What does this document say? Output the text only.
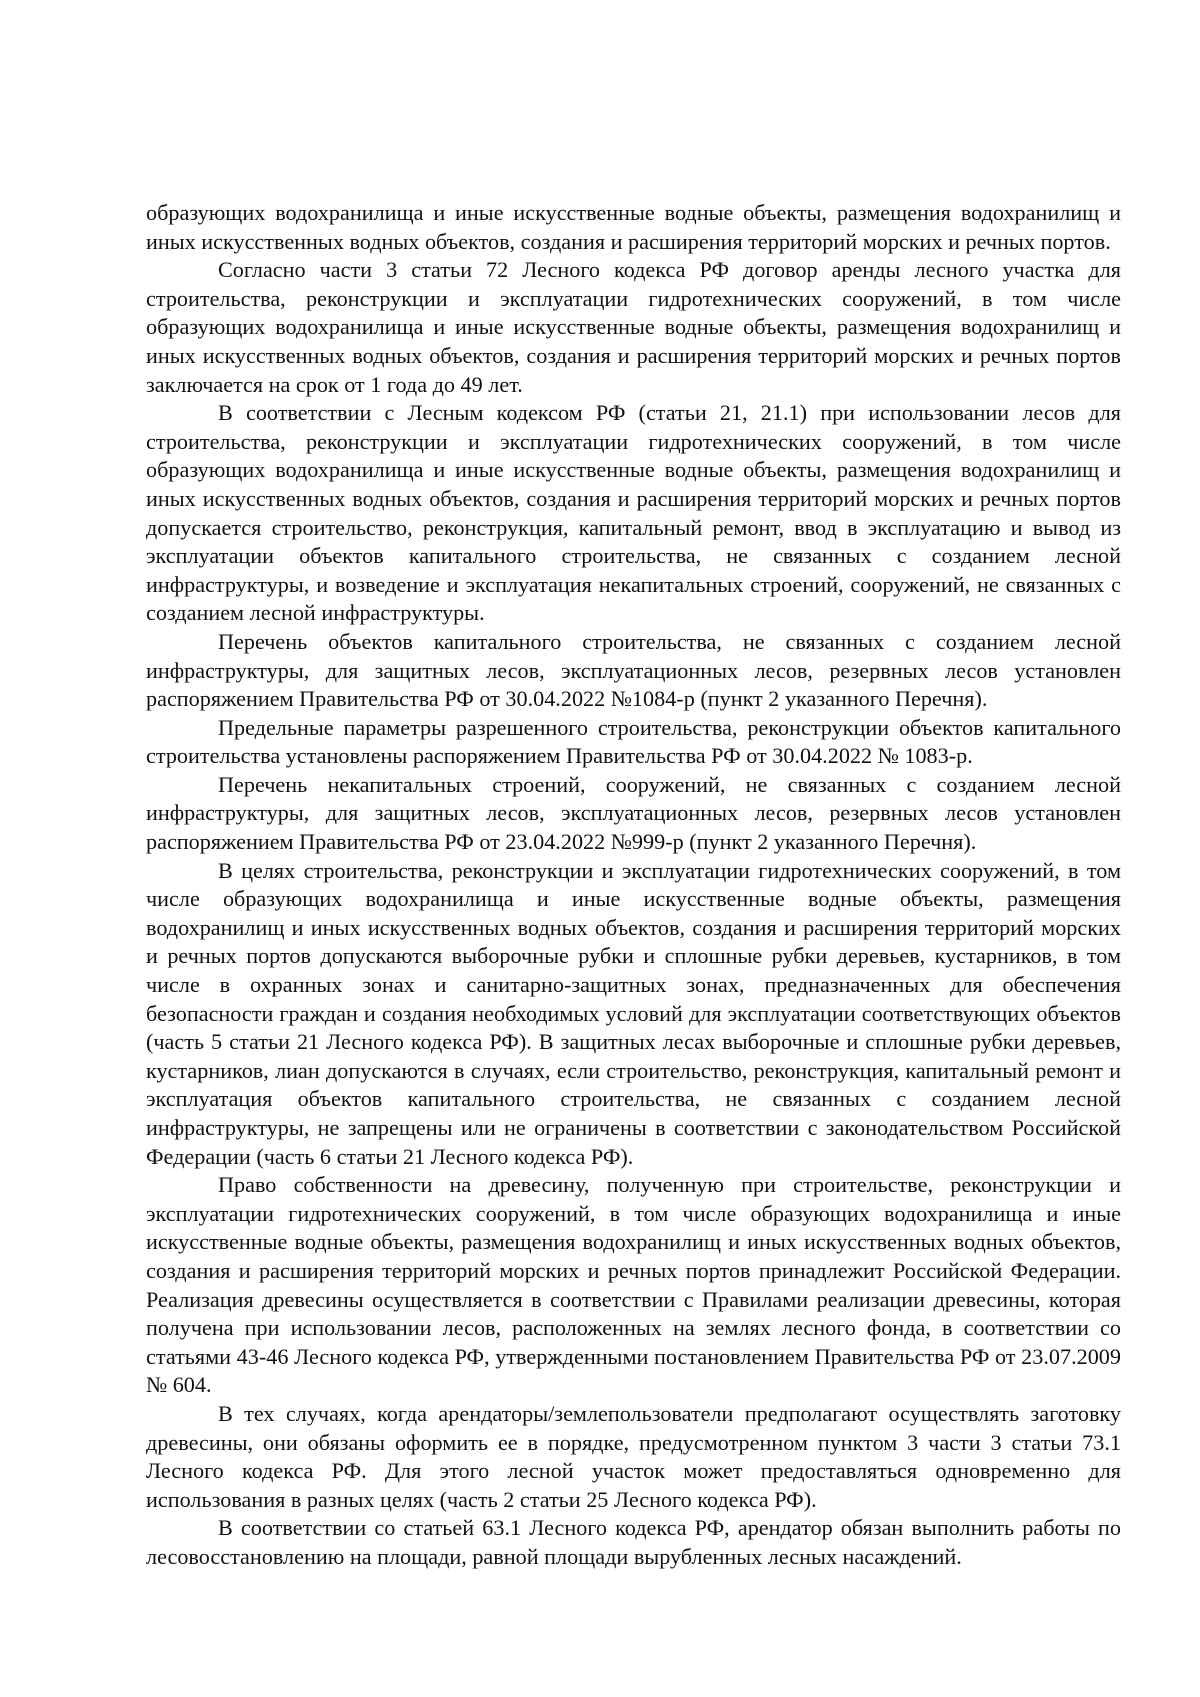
образующих водохранилища и иные искусственные водные объекты, размещения водохранилищ и иных искусственных водных объектов, создания и расширения территорий морских и речных портов.

Согласно части 3 статьи 72 Лесного кодекса РФ договор аренды лесного участка для строительства, реконструкции и эксплуатации гидротехнических сооружений, в том числе образующих водохранилища и иные искусственные водные объекты, размещения водохранилищ и иных искусственных водных объектов, создания и расширения территорий морских и речных портов заключается на срок от 1 года до 49 лет.

В соответствии с Лесным кодексом РФ (статьи 21, 21.1) при использовании лесов для строительства, реконструкции и эксплуатации гидротехнических сооружений, в том числе образующих водохранилища и иные искусственные водные объекты, размещения водохранилищ и иных искусственных водных объектов, создания и расширения территорий морских и речных портов допускается строительство, реконструкция, капитальный ремонт, ввод в эксплуатацию и вывод из эксплуатации объектов капитального строительства, не связанных с созданием лесной инфраструктуры, и возведение и эксплуатация некапитальных строений, сооружений, не связанных с созданием лесной инфраструктуры.

Перечень объектов капитального строительства, не связанных с созданием лесной инфраструктуры, для защитных лесов, эксплуатационных лесов, резервных лесов установлен распоряжением Правительства РФ от 30.04.2022 №1084-р (пункт 2 указанного Перечня).

Предельные параметры разрешенного строительства, реконструкции объектов капитального строительства установлены распоряжением Правительства РФ от 30.04.2022 № 1083-р.

Перечень некапитальных строений, сооружений, не связанных с созданием лесной инфраструктуры, для защитных лесов, эксплуатационных лесов, резервных лесов установлен распоряжением Правительства РФ от 23.04.2022 №999-р (пункт 2 указанного Перечня).

В целях строительства, реконструкции и эксплуатации гидротехнических сооружений, в том числе образующих водохранилища и иные искусственные водные объекты, размещения водохранилищ и иных искусственных водных объектов, создания и расширения территорий морских и речных портов допускаются выборочные рубки и сплошные рубки деревьев, кустарников, в том числе в охранных зонах и санитарно-защитных зонах, предназначенных для обеспечения безопасности граждан и создания необходимых условий для эксплуатации соответствующих объектов (часть 5 статьи 21 Лесного кодекса РФ). В защитных лесах выборочные и сплошные рубки деревьев, кустарников, лиан допускаются в случаях, если строительство, реконструкция, капитальный ремонт и эксплуатация объектов капитального строительства, не связанных с созданием лесной инфраструктуры, не запрещены или не ограничены в соответствии с законодательством Российской Федерации (часть 6 статьи 21 Лесного кодекса РФ).

Право собственности на древесину, полученную при строительстве, реконструкции и эксплуатации гидротехнических сооружений, в том числе образующих водохранилища и иные искусственные водные объекты, размещения водохранилищ и иных искусственных водных объектов, создания и расширения территорий морских и речных портов принадлежит Российской Федерации. Реализация древесины осуществляется в соответствии с Правилами реализации древесины, которая получена при использовании лесов, расположенных на землях лесного фонда, в соответствии со статьями 43-46 Лесного кодекса РФ, утвержденными постановлением Правительства РФ от 23.07.2009 № 604.

В тех случаях, когда арендаторы/землепользователи предполагают осуществлять заготовку древесины, они обязаны оформить ее в порядке, предусмотренном пунктом 3 части 3 статьи 73.1 Лесного кодекса РФ. Для этого лесной участок может предоставляться одновременно для использования в разных целях (часть 2 статьи 25 Лесного кодекса РФ).

В соответствии со статьей 63.1 Лесного кодекса РФ, арендатор обязан выполнить работы по лесовосстановлению на площади, равной площади вырубленных лесных насаждений.
